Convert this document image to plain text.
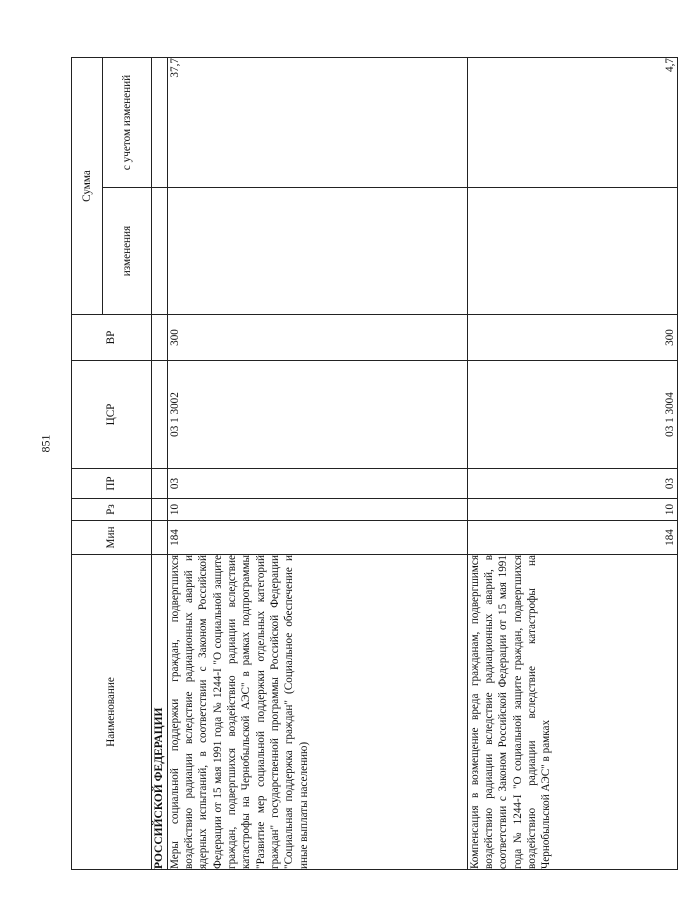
851
Наименование	Мин	Рз	ПР	ЦСР	ВР	Сумма	
						изменения	с учетом изменений
РОССИЙСКОЙ ФЕДЕРАЦИИ							
Меры социальной поддержки граждан, подвергшихся воздействию радиации вследствие радиационных аварий и ядерных испытаний, в соответствии с Законом Российской Федерации от 15 мая 1991 года № 1244-I "О социальной защите граждан, подвергшихся воздействию радиации вследствие катастрофы на Чернобыльской АЭС" в рамках подпрограммы "Развитие мер социальной поддержки отдельных категорий граждан" государственной программы Российской Федерации "Социальная поддержка граждан" (Социальное обеспечение и иные выплаты населению)	184	10	03	03 1 3002	300		37,7
Компенсация в возмещение вреда гражданам, подвергшимся воздействию радиации вследствие радиационных аварий, в соответствии с Законом Российской Федерации от 15 мая 1991 года № 1244-I "О социальной защите граждан, подвергшихся воздействию радиации вследствие катастрофы на Чернобыльской АЭС" в рамках	184	10	03	03 1 3004	300		4,7
